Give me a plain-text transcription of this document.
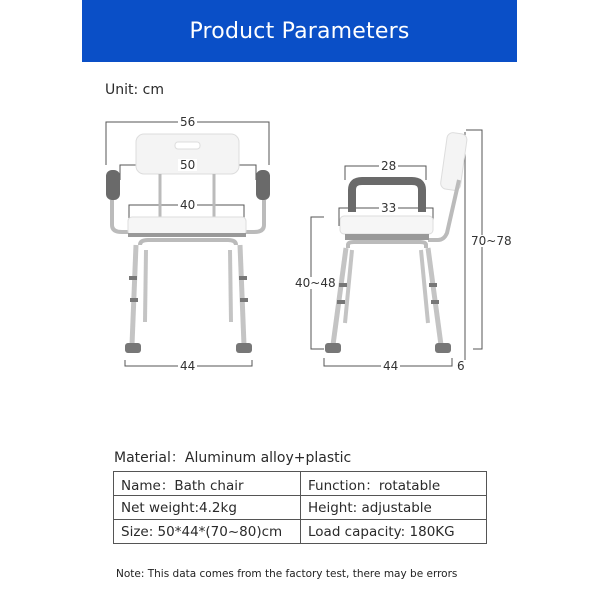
Product Parameters
Unit: cm
56
50
40
44
28
33
40~48
70~78
44	6
Material：Aluminum alloy+plastic
Name：Bath chair	Function：rotatable
Net weight:4.2kg	Height: adjustable
Size: 50*44*(70~80)cm	Load capacity: 180KG
Note: This data comes from the factory test, there may be errors
